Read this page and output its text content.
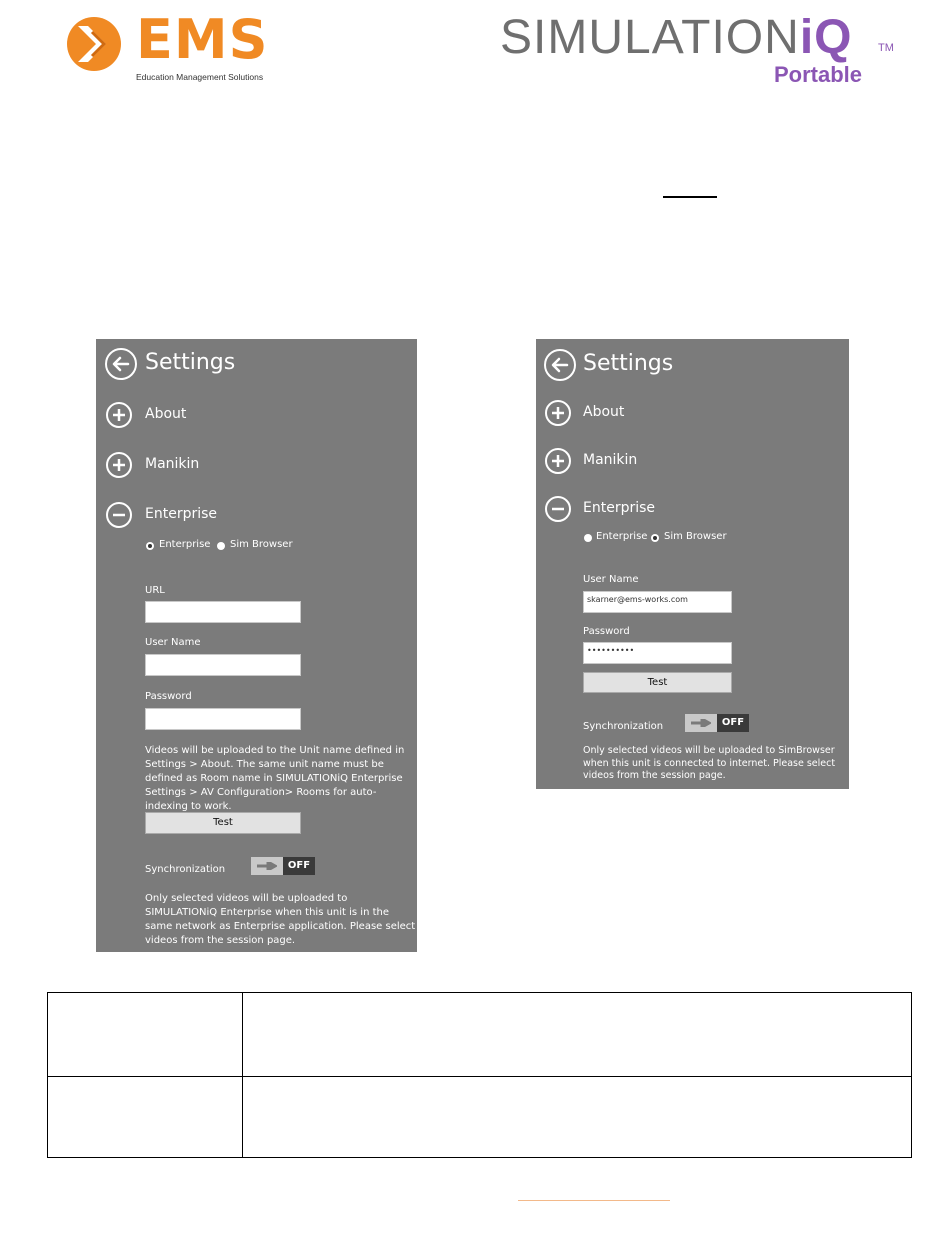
EMS
Education Management Solutions
SIMULATIONiQ TM
Portable
Settings
About
Manikin
Enterprise
Enterprise Sim Browser
URL
User Name
Password
Videos will be uploaded to the Unit name defined in Settings > About. The same unit name must be defined as Room name in SIMULATIONiQ Enterprise Settings > AV Configuration> Rooms for auto-indexing to work.
Test
Synchronization	OFF
Only selected videos will be uploaded to SIMULATIONiQ Enterprise when this unit is in the same network as Enterprise application. Please select videos from the session page.
Settings
About
Manikin
Enterprise
Enterprise Sim Browser
User Name
skarner@ems-works.com
Password
••••••••••
Test
Synchronization	OFF
Only selected videos will be uploaded to SimBrowser when this unit is connected to internet. Please select videos from the session page.
